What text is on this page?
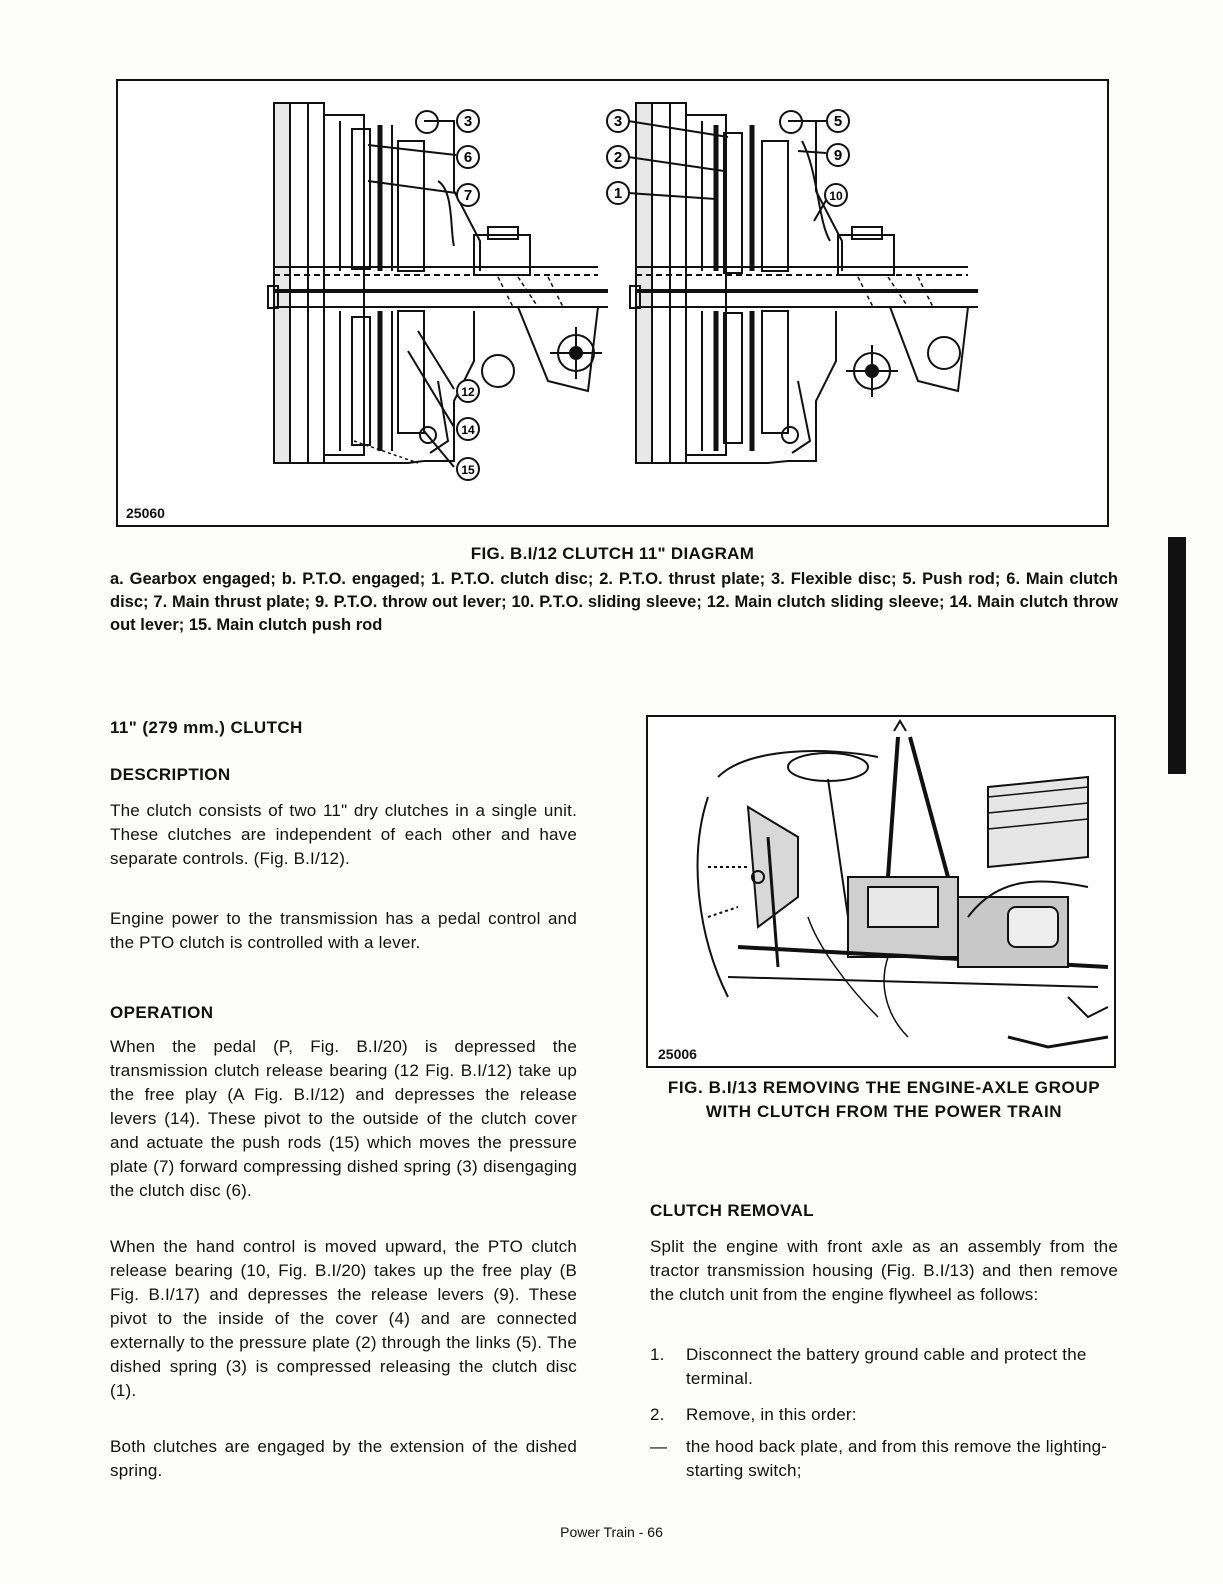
3
6
7
12
14
15
3
2
1
5
9
10
25060
FIG. B.I/12 CLUTCH 11" DIAGRAM
a. Gearbox engaged; b. P.T.O. engaged; 1. P.T.O. clutch disc; 2. P.T.O. thrust plate; 3. Flexible disc; 5. Push rod; 6. Main clutch disc; 7. Main thrust plate; 9. P.T.O. throw out lever; 10. P.T.O. sliding sleeve; 12. Main clutch sliding sleeve; 14. Main clutch throw out lever; 15. Main clutch push rod
11" (279 mm.) CLUTCH
DESCRIPTION
The clutch consists of two 11" dry clutches in a single unit. These clutches are independent of each other and have separate controls. (Fig. B.I/12).
Engine power to the transmission has a pedal control and the PTO clutch is controlled with a lever.
OPERATION
When the pedal (P, Fig. B.I/20) is depressed the transmission clutch release bearing (12 Fig. B.I/12) take up the free play (A Fig. B.I/12) and depresses the release levers (14). These pivot to the outside of the clutch cover and actuate the push rods (15) which moves the pressure plate (7) forward compressing dished spring (3) disengaging the clutch disc (6).
When the hand control is moved upward, the PTO clutch release bearing (10, Fig. B.I/20) takes up the free play (B Fig. B.I/17) and depresses the release levers (9). These pivot to the inside of the cover (4) and are connected externally to the pressure plate (2) through the links (5). The dished spring (3) is compressed releasing the clutch disc (1).
Both clutches are engaged by the extension of the dished spring.
25006
FIG. B.I/13 REMOVING THE ENGINE-AXLE GROUP WITH CLUTCH FROM THE POWER TRAIN
CLUTCH REMOVAL
Split the engine with front axle as an assembly from the tractor transmission housing (Fig. B.I/13) and then remove the clutch unit from the engine flywheel as follows:
1. Disconnect the battery ground cable and protect the terminal.
2. Remove, in this order:
— the hood back plate, and from this remove the lighting-starting switch;
Power Train - 66
